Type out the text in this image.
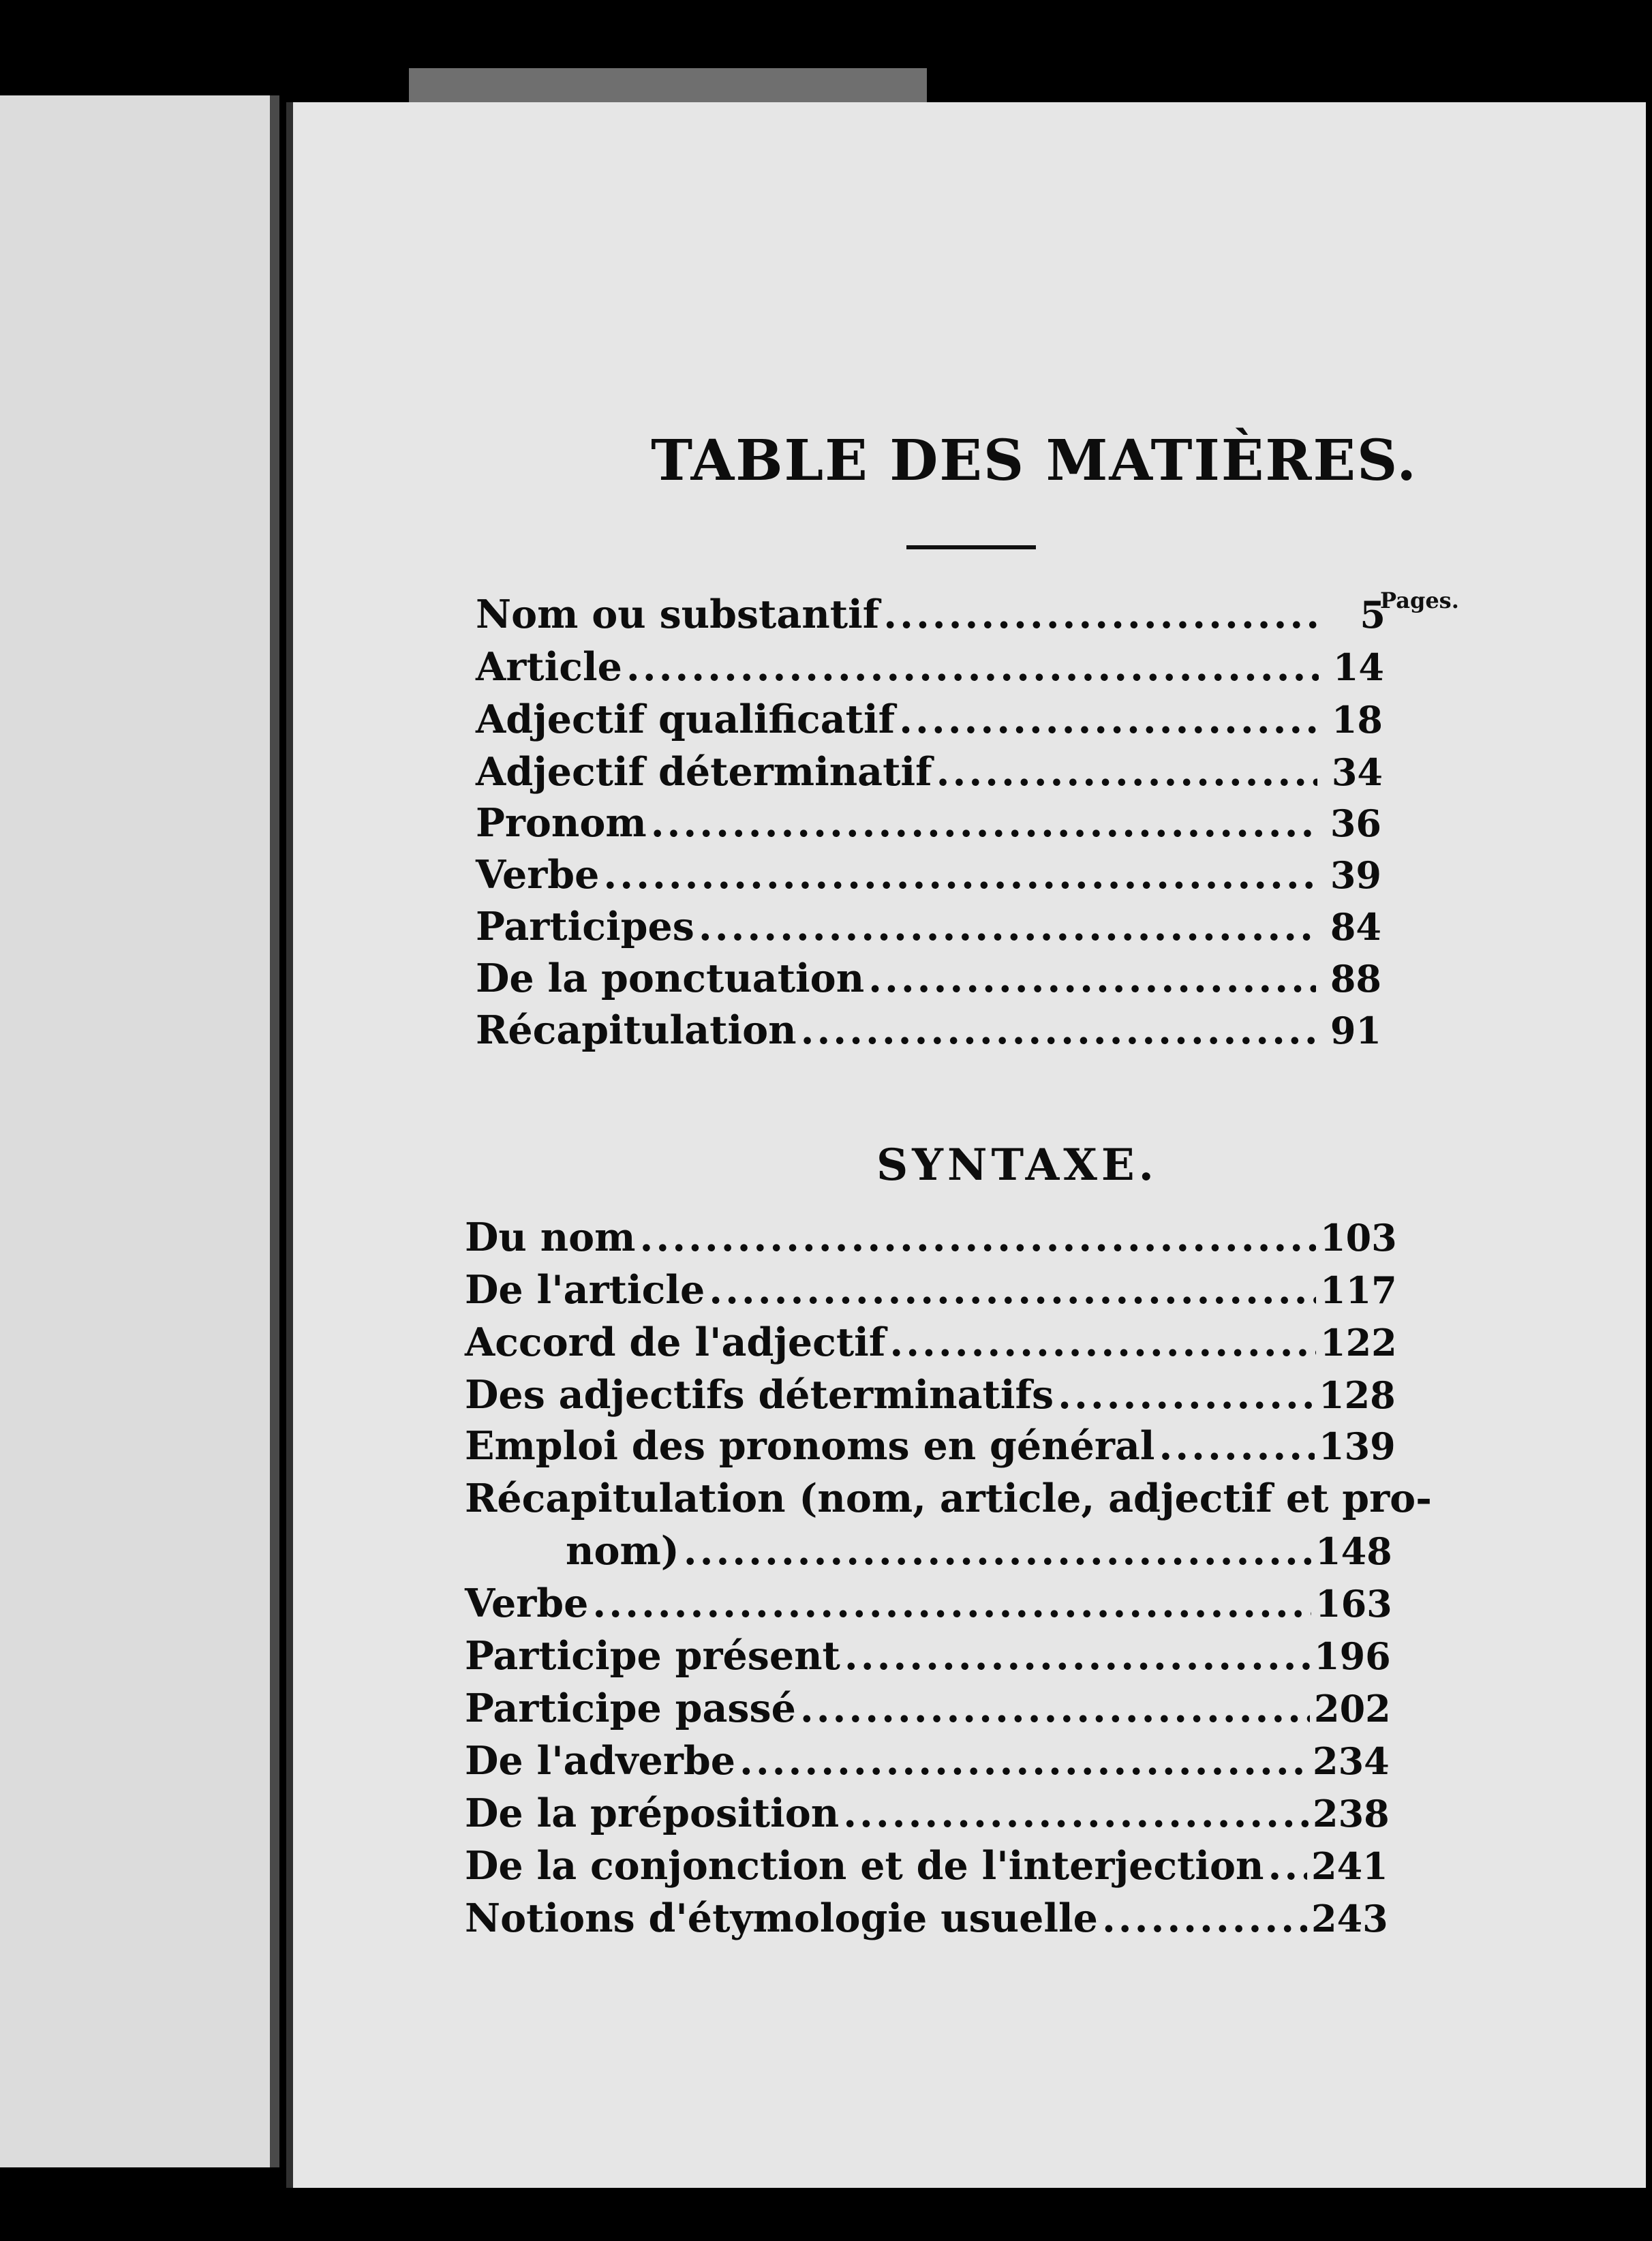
TABLE DES MATIÈRES.
Pages.
Nom ou substantif .....	5
Article .....	14
Adjectif qualificatif .....	18
Adjectif déterminatif .....	34
Pronom .....	36
Verbe .....	39
Participes .....	84
De la ponctuation .....	88
Récapitulation .....	91
SYNTAXE.
Du nom .....	103
De l'article .....	117
Accord de l'adjectif .....	122
Des adjectifs déterminatifs .....	128
Emploi des pronoms en général .....	139
Récapitulation (nom, article, adjectif et pro-
nom) .....	148
Verbe .....	163
Participe présent .....	196
Participe passé .....	202
De l'adverbe .....	234
De la préposition .....	238
De la conjonction et de l'interjection ..... 241
Notions d'étymologie usuelle .....	243
